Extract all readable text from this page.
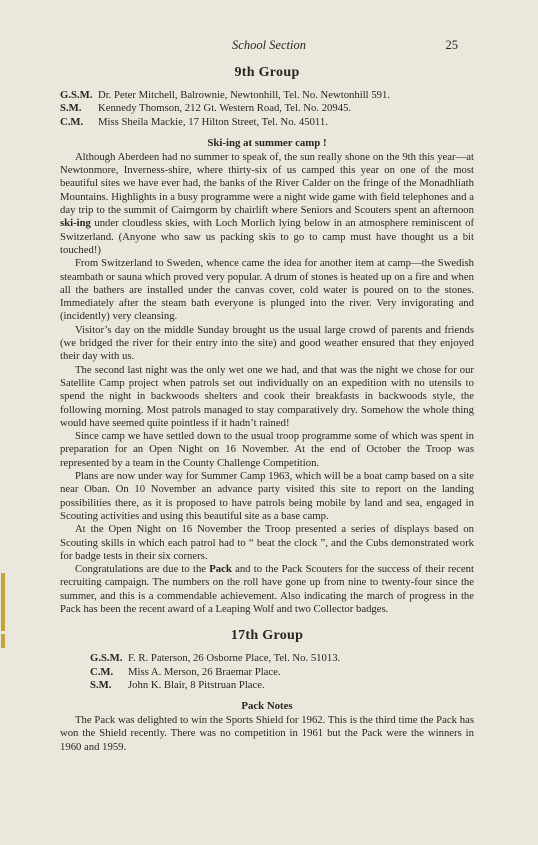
School Section	25
9th Group
G.S.M. Dr. Peter Mitchell, Balrownie, Newtonhill, Tel. No. Newtonhill 591.
S.M.	Kennedy Thomson, 212 Gt. Western Road, Tel. No. 20945.
C.M.	Miss Sheila Mackie, 17 Hilton Street, Tel. No. 45011.
Ski-ing at summer camp !

Although Aberdeen had no summer to speak of, the sun really shone on the 9th this year—at Newtonmore, Inverness-shire, where thirty-six of us camped this year on one of the most beautiful sites we have ever had, the banks of the River Calder on the fringe of the Monadhliath Mountains. Highlights in a busy programme were a night wide game with field telephones and a day trip to the summit of Cairngorm by chairlift where Seniors and Scouters spent an afternoon ski-ing under cloudless skies, with Loch Morlich lying below in an atmosphere reminiscent of Switzerland. (Anyone who saw us packing skis to go to camp must have thought us a bit touched!)

From Switzerland to Sweden, whence came the idea for another item at camp—the Swedish steambath or sauna which proved very popular. A drum of stones is heated up on a fire and when all the bathers are installed under the canvas cover, cold water is poured on to the stones. Immediately after the steam bath everyone is plunged into the river. Very invigorating and (incidently) very cleansing.

Visitor’s day on the middle Sunday brought us the usual large crowd of parents and friends (we bridged the river for their entry into the site) and good weather ensured that they enjoyed their day with us.

The second last night was the only wet one we had, and that was the night we chose for our Satellite Camp project when patrols set out individually on an expedition with no utensils to spend the night in backwoods shelters and cook their breakfasts in backwoods style, the following morning. Most patrols managed to stay comparatively dry. Somehow the whole thing would have seemed quite pointless if it hadn’t rained!

Since camp we have settled down to the usual troop programme some of which was spent in preparation for an Open Night on 16 November. At the end of October the Troop was represented by a team in the County Challenge Competition.

Plans are now under way for Summer Camp 1963, which will be a boat camp based on a site near Oban. On 10 November an advance party visited this site to report on the landing possibilities there, as it is proposed to have patrols being mobile by land and sea, engaged in Scouting activities and using this beautiful site as a base camp.

At the Open Night on 16 November the Troop presented a series of displays based on Scouting skills in which each patrol had to “ beat the clock ”, and the Cubs demonstrated work for badge tests in their six corners.

Congratulations are due to the Pack and to the Pack Scouters for the success of their recent recruiting campaign. The numbers on the roll have gone up from nine to twenty-four since the summer, and this is a commendable achievement. Also indicating the march of progress in the Pack has been the recent award of a Leaping Wolf and two Collector badges.

17th Group
G.S.M. F. R. Paterson, 26 Osborne Place, Tel. No. 51013.
C.M.	Miss A. Merson, 26 Braemar Place.
S.M.	John K. Blair, 8 Pitstruan Place.
Pack Notes

The Pack was delighted to win the Sports Shield for 1962. This is the third time the Pack has won the Shield recently. There was no competition in 1961 but the Pack were the winners in 1960 and 1959.
